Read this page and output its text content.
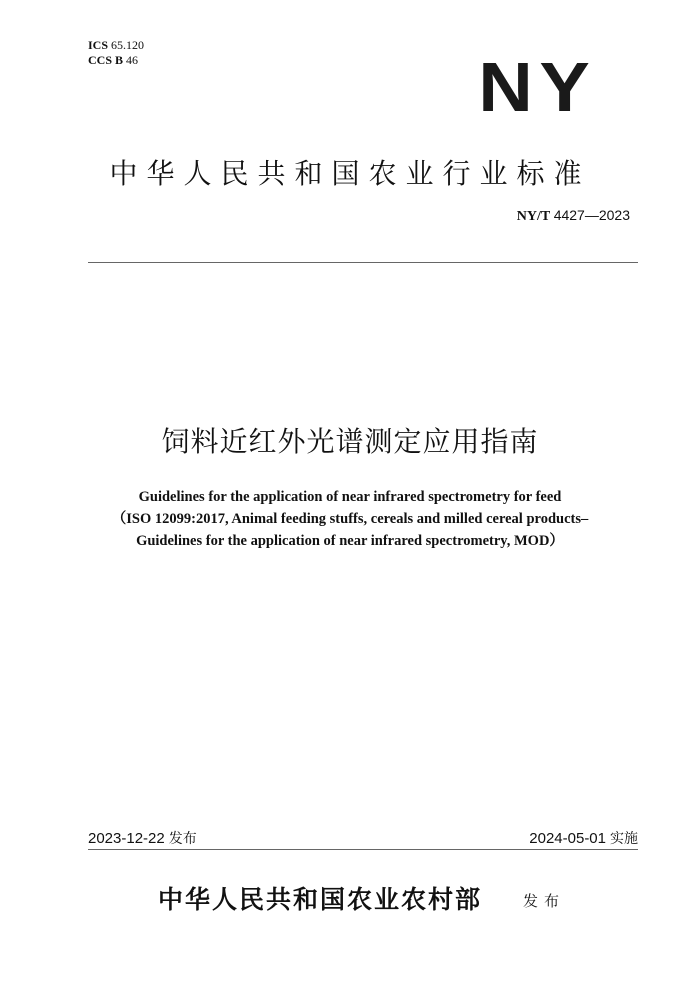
ICS 65.120
CCS B 46	NY
中华人民共和国农业行业标准
NY/T 4427—2023
饲料近红外光谱测定应用指南
Guidelines for the application of near infrared spectrometry for feed
（ISO 12099:2017, Animal feeding stuffs, cereals and milled cereal products–
Guidelines for the application of near infrared spectrometry, MOD）
2023-12-22 发布	2024-05-01 实施
中华人民共和国农业农村部	发布
